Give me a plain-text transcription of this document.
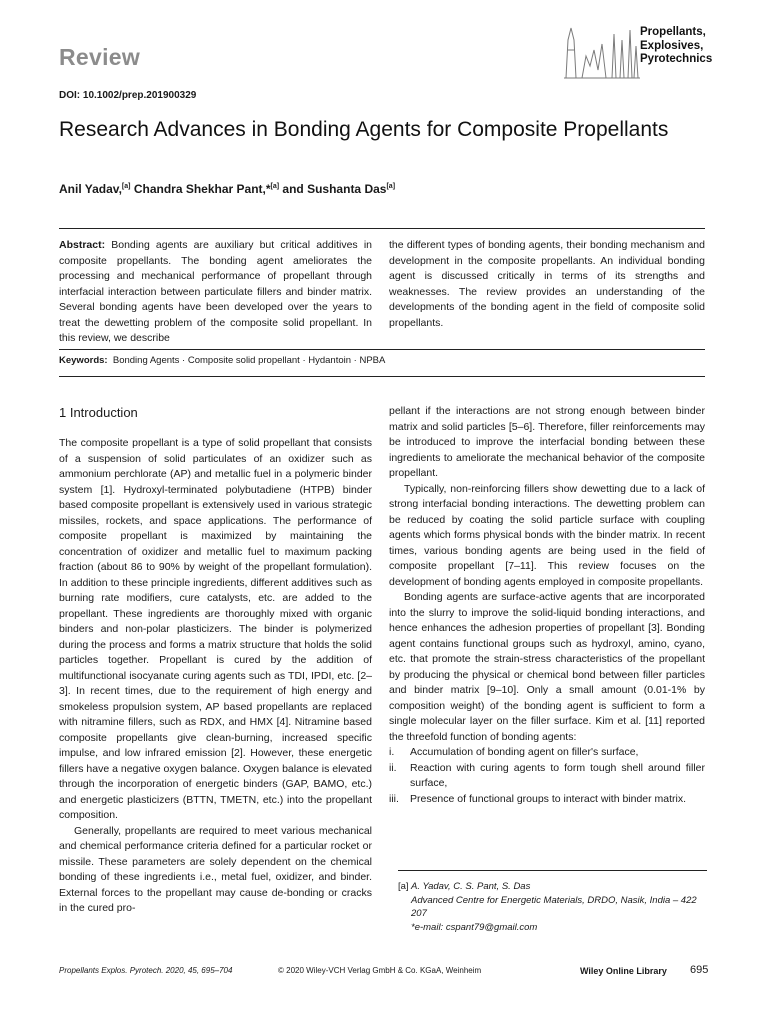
Review
Propellants,
Explosives,
Pyrotechnics
DOI: 10.1002/prep.201900329
Research Advances in Bonding Agents for Composite Propellants
Anil Yadav,[a] Chandra Shekhar Pant,*[a] and Sushanta Das[a]
Abstract: Bonding agents are auxiliary but critical additives in composite propellants. The bonding agent ameliorates the processing and mechanical performance of propellant through interfacial interaction between particulate fillers and binder matrix. Several bonding agents have been developed over the years to treat the dewetting problem of the composite solid propellant. In this review, we describe
the different types of bonding agents, their bonding mechanism and development in the composite propellants. An individual bonding agent is discussed critically in terms of its strengths and weaknesses. The review provides an understanding of the developments of the bonding agent in the field of composite solid propellants.
Keywords: Bonding Agents · Composite solid propellant · Hydantoin · NPBA
1 Introduction

The composite propellant is a type of solid propellant that consists of a suspension of solid particulates of an oxidizer such as ammonium perchlorate (AP) and metallic fuel in a polymeric binder system [1]. Hydroxyl-terminated polybutadiene (HTPB) binder based composite propellant is extensively used in various strategic missiles, rockets, and space applications. The performance of composite propellant is maximized by maintaining the concentration of oxidizer and metallic fuel to maximum packing fraction (about 86 to 90% by weight of the propellant formulation). In addition to these principle ingredients, different additives such as burning rate modifiers, cure catalysts, etc. are added to the propellant. These ingredients are thoroughly mixed with organic binders and non-polar plasticizers. The binder is polymerized during the process and forms a matrix structure that holds the solid particles together. Propellant is cured by the addition of multifunctional isocyanate curing agents such as TDI, IPDI, etc. [2–3]. In recent times, due to the requirement of high energy and smokeless propulsion system, AP based propellants are replaced with nitramine fillers, such as RDX, and HMX [4]. Nitramine based composite propellants give clean-burning, increased specific impulse, and low infrared emission [2]. However, these energetic fillers have a negative oxygen balance. Oxygen balance is elevated through the incorporation of energetic binders (GAP, BAMO, etc.) and energetic plasticizers (BTTN, TMETN, etc.) into the propellant composition.

Generally, propellants are required to meet various mechanical and chemical performance criteria defined for a particular rocket or missile. These parameters are solely dependent on the chemical bonding of these ingredients i.e., metal fuel, oxidizer, and binder. External forces to the propellant may cause de-bonding or cracks in the cured pro-

pellant if the interactions are not strong enough between binder matrix and solid particles [5–6]. Therefore, filler reinforcements may be introduced to improve the interfacial bonding between these ingredients to ameliorate the mechanical behavior of the composite propellant.

Typically, non-reinforcing fillers show dewetting due to a lack of strong interfacial bonding interactions. The dewetting problem can be reduced by coating the solid particle surface with coupling agents which forms physical bonds with the binder matrix. In recent times, various bonding agents are being used in the field of composite propellant [7–11]. This review focuses on the development of bonding agents employed in composite propellants.

Bonding agents are surface-active agents that are incorporated into the slurry to improve the solid-liquid bonding interactions, and hence enhances the adhesion properties of propellant [3]. Bonding agent contains functional groups such as hydroxyl, amino, cyano, etc. that promote the strain-stress characteristics of the propellant by producing the physical or chemical bond between filler particles and binder matrix [9–10]. Only a small amount (0.01-1% by composition weight) of the bonding agent is sufficient to form a single molecular layer on the filler surface. Kim et al. [11] reported the threefold function of bonding agents:

i. Accumulation of bonding agent on filler's surface,
ii. Reaction with curing agents to form tough shell around filler surface,
iii. Presence of functional groups to interact with binder matrix.
[a] A. Yadav, C. S. Pant, S. Das
Advanced Centre for Energetic Materials, DRDO, Nasik, India – 422 207
*e-mail: cspant79@gmail.com
Propellants Explos. Pyrotech. 2020, 45, 695–704	© 2020 Wiley-VCH Verlag GmbH & Co. KGaA, Weinheim	Wiley Online Library 695
